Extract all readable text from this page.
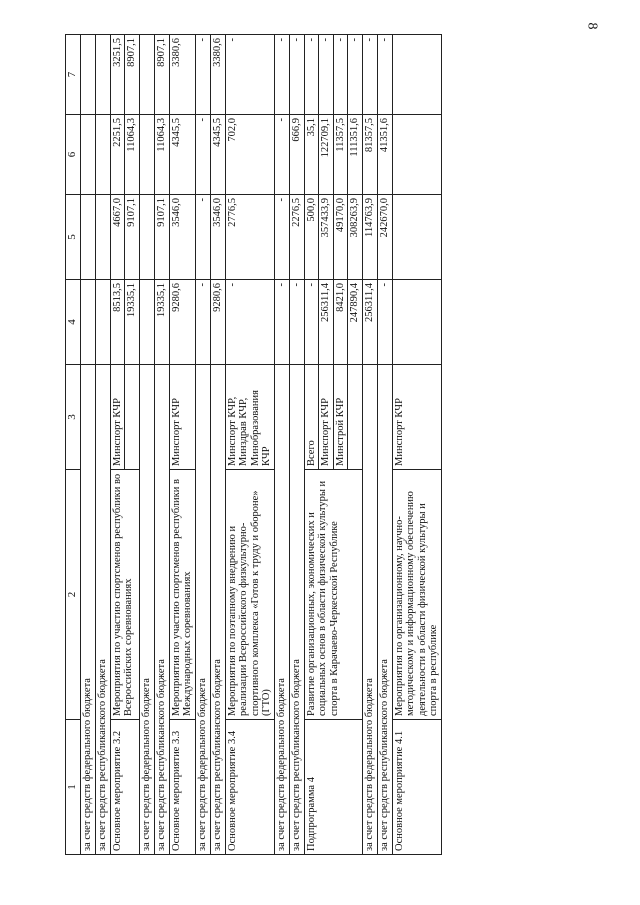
8
1	2	3	4	5	6	7
за счет средств федерального бюджета						
за счет средств республиканского бюджета						
Основное мероприятие 3.2	Мероприятия по участию спортсменов республики во Всероссийских соревнованиях	Минспорт КЧР	8513,5	4667,0	2251,5	3251,5
			19335,1	9107,1	11064,3	8907,1
за счет средств федерального бюджета						
за счет средств республиканского бюджета			19335,1	9107,1	11064,3	8907,1
Основное мероприятие 3.3	Мероприятия по участию спортсменов республики в Международных соревнованиях	Минспорт КЧР	9280,6	3546,0	4345,5	3380,6
за счет средств федерального бюджета			-	-	-	-
за счет средств республиканского бюджета			9280,6	3546,0	4345,5	3380,6
Основное мероприятие 3.4	Мероприятия по поэтапному внедрению и реализации Всероссийского физкультурно-спортивного комплекса «Готов к труду и обороне» (ГТО)	Минспорт КЧР, Минздрав КЧР, Минобразования КЧР	-	2776,5	702,0	-
за счет средств федерального бюджета			-	-	-	-
за счет средств республиканского бюджета			-	2276,5	666,9	-
Подпрограмма 4	Развитие организационных, экономических и социальных основ в области физической культуры и спорта в Карачаево-Черкесской Республике	Всего	-	500,0	35,1	-
		Минспорт КЧР	256311,4	357433,9	122709,1	-
		Минстрой КЧР	8421,0	49170,0	11357,5	-
			247890,4	308263,9	111351,6	-
за счет средств федерального бюджета			256311,4	114763,9	81357,5	-
за счет средств республиканского бюджета			-	242670,0	41351,6	-
Основное мероприятие 4.1	Мероприятия по организационному, научно-методическому и информационному обеспечению деятельности в области физической культуры и спорта в республике	Минспорт КЧР				
